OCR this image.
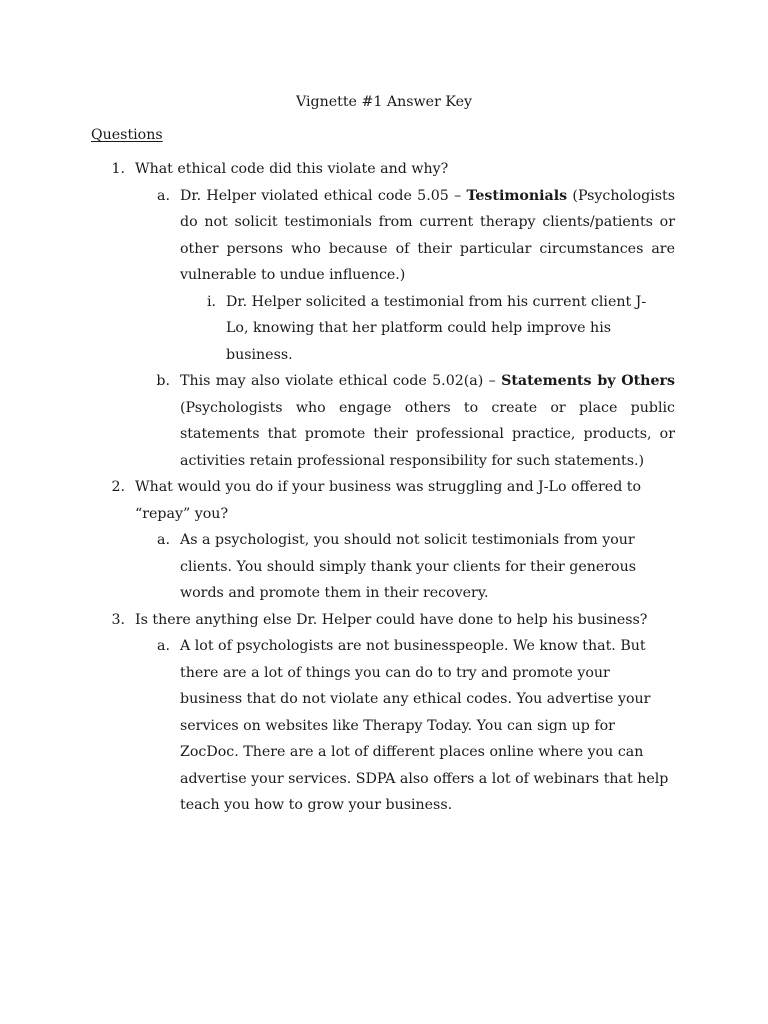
Vignette #1 Answer Key
Questions
1. What ethical code did this violate and why?
a. Dr. Helper violated ethical code 5.05 – Testimonials (Psychologists do not solicit testimonials from current therapy clients/patients or other persons who because of their particular circumstances are vulnerable to undue influence.)
i. Dr. Helper solicited a testimonial from his current client J-Lo, knowing that her platform could help improve his business.
b. This may also violate ethical code 5.02(a) – Statements by Others (Psychologists who engage others to create or place public statements that promote their professional practice, products, or activities retain professional responsibility for such statements.)
2. What would you do if your business was struggling and J-Lo offered to “repay” you?
a. As a psychologist, you should not solicit testimonials from your clients. You should simply thank your clients for their generous words and promote them in their recovery.
3. Is there anything else Dr. Helper could have done to help his business?
a. A lot of psychologists are not businesspeople. We know that. But there are a lot of things you can do to try and promote your business that do not violate any ethical codes. You advertise your services on websites like Therapy Today. You can sign up for ZocDoc. There are a lot of different places online where you can advertise your services. SDPA also offers a lot of webinars that help teach you how to grow your business.
